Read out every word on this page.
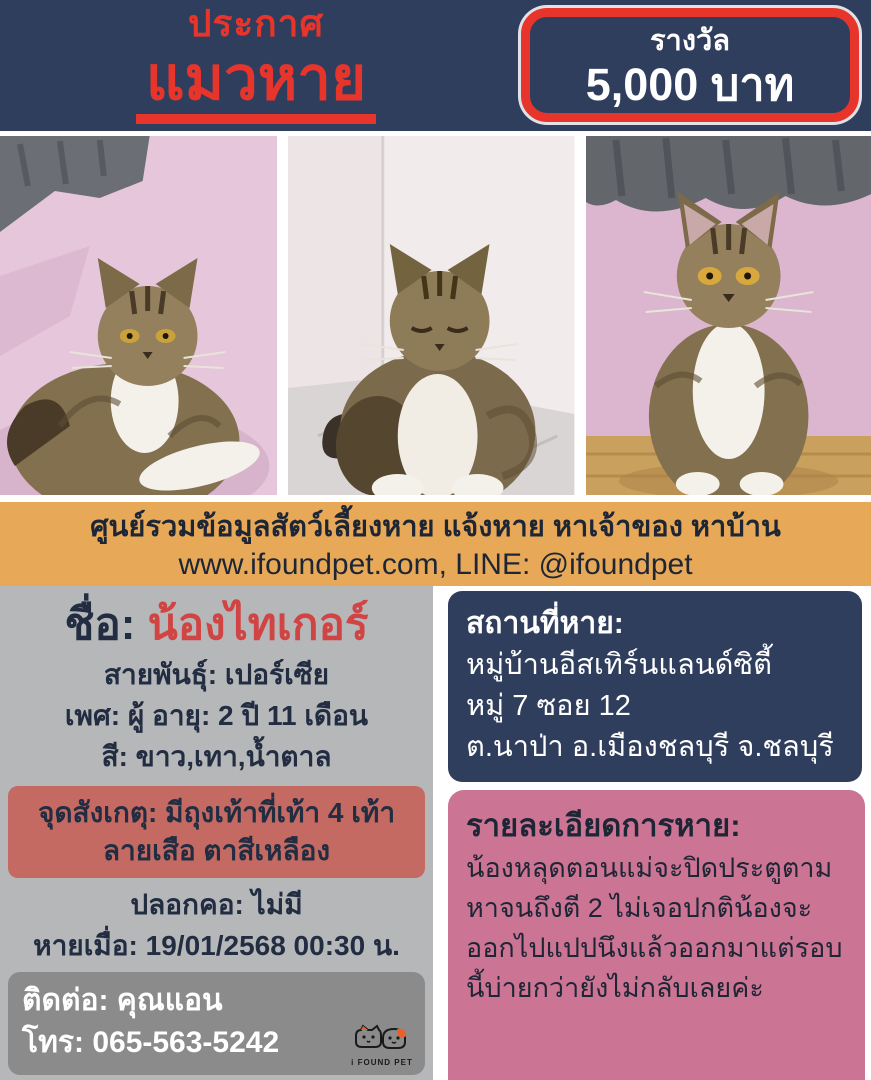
ประกาศ
แมวหาย
รางวัล
5,000 บาท
ศูนย์รวมข้อมูลสัตว์เลี้ยงหาย แจ้งหาย หาเจ้าของ หาบ้าน
www.ifoundpet.com, LINE: @ifoundpet
ชื่อ: น้องไทเกอร์
สายพันธุ์: เปอร์เซีย
เพศ: ผู้ อายุ: 2 ปี 11 เดือน
สี: ขาว,เทา,น้ำตาล
จุดสังเกตุ: มีถุงเท้าที่เท้า 4 เท้า
ลายเสือ ตาสีเหลือง
ปลอกคอ: ไม่มี
หายเมื่อ: 19/01/2568 00:30 น.
ติดต่อ: คุณแอน
โทร: 065-563-5242
i FOUND PET
สถานที่หาย:
หมู่บ้านอีสเทิร์นแลนด์ซิตี้
หมู่ 7 ซอย 12
ต.นาป่า อ.เมืองชลบุรี จ.ชลบุรี
รายละเอียดการหาย:
น้องหลุดตอนแม่จะปิดประตูตามหาจนถึงตี 2 ไม่เจอปกติน้องจะออกไปแปปนึงแล้วออกมาแต่รอบนี้บ่ายกว่ายังไม่กลับเลยค่ะ
